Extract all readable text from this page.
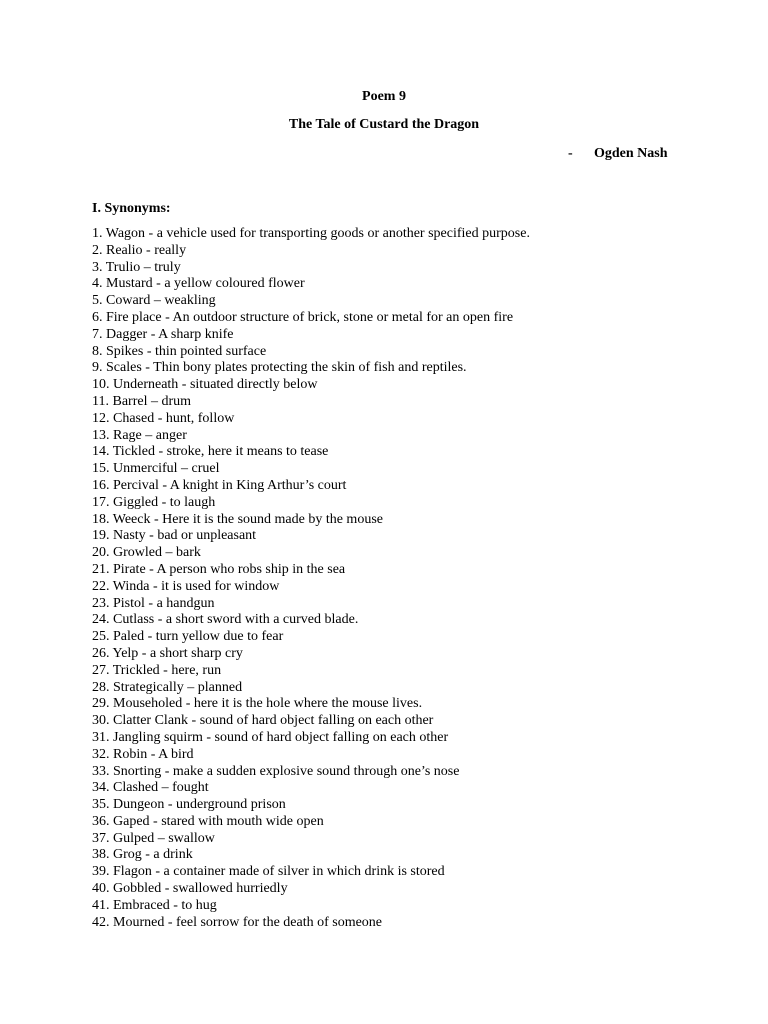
Poem 9
The Tale of Custard the Dragon
- Ogden Nash
I. Synonyms:
1. Wagon - a vehicle used for transporting goods or another specified purpose.
2. Realio - really
3. Trulio – truly
4. Mustard - a yellow coloured flower
5. Coward – weakling
6. Fire place - An outdoor structure of brick, stone or metal for an open fire
7. Dagger - A sharp knife
8. Spikes - thin pointed surface
9. Scales - Thin bony plates protecting the skin of fish and reptiles.
10. Underneath - situated directly below
11. Barrel – drum
12. Chased - hunt, follow
13. Rage – anger
14. Tickled - stroke, here it means to tease
15. Unmerciful – cruel
16. Percival - A knight in King Arthur’s court
17. Giggled - to laugh
18. Weeck - Here it is the sound made by the mouse
19. Nasty - bad or unpleasant
20. Growled – bark
21. Pirate - A person who robs ship in the sea
22. Winda - it is used for window
23. Pistol - a handgun
24. Cutlass - a short sword with a curved blade.
25. Paled - turn yellow due to fear
26. Yelp - a short sharp cry
27. Trickled - here, run
28. Strategically – planned
29. Mouseholed - here it is the hole where the mouse lives.
30. Clatter Clank - sound of hard object falling on each other
31. Jangling squirm - sound of hard object falling on each other
32. Robin - A bird
33. Snorting - make a sudden explosive sound through one’s nose
34. Clashed – fought
35. Dungeon - underground prison
36. Gaped - stared with mouth wide open
37. Gulped – swallow
38. Grog - a drink
39. Flagon - a container made of silver in which drink is stored
40. Gobbled - swallowed hurriedly
41. Embraced - to hug
42. Mourned - feel sorrow for the death of someone
